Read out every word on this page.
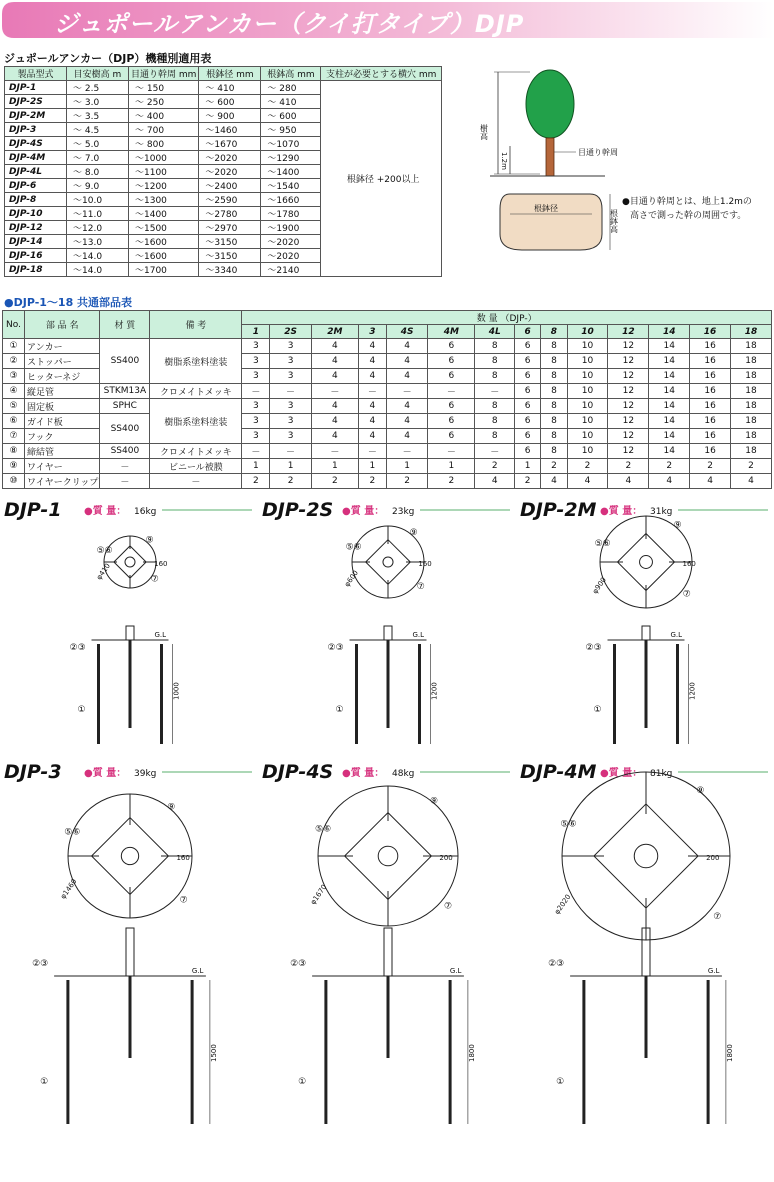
ジュポールアンカー（クイ打タイプ）DJP
ジュポールアンカー（DJP）機種別適用表
製品型式	目安樹高 m	目通り幹周 mm	根鉢径 mm	根鉢高 mm	支柱が必要とする横穴 mm
DJP-1	～ 2.5	～ 150	～ 410	～ 280	根鉢径 +200以上
DJP-2S	～ 3.0	～ 250	～ 600	～ 410	
DJP-2M	～ 3.5	～ 400	～ 900	～ 600	
DJP-3	～ 4.5	～ 700	～1460	～ 950	
DJP-4S	～ 5.0	～ 800	～1670	～1070	
DJP-4M	～ 7.0	～1000	～2020	～1290	
DJP-4L	～ 8.0	～1100	～2020	～1400	
DJP-6	～ 9.0	～1200	～2400	～1540	
DJP-8	～10.0	～1300	～2590	～1660	
DJP-10	～11.0	～1400	～2780	～1780	
DJP-12	～12.0	～1500	～2970	～1900	
DJP-14	～13.0	～1600	～3150	～2020	
DJP-16	～14.0	～1600	～3150	～2020	
DJP-18	～14.0	～1700	～3340	～2140	
樹高
1.2m	目通り幹周
根鉢径
根鉢高
●目通り幹周とは、地上1.2mの
高さで測った幹の周囲です。
●DJP-1～18 共通部品表
No.	部 品 名	材 質	備 考	数 量 （DJP-）													
				1	2S	2M	3	4S	4M	4L	6	8	10	12	14	16	18
①	アンカー	SS400	樹脂系塗料塗装	3	3	4	4	4	6	8	6	8	10	12	14	16	18
②	ストッパー			3	3	4	4	4	6	8	6	8	10	12	14	16	18
③	ヒッターネジ			3	3	4	4	4	6	8	6	8	10	12	14	16	18
④	縦足管	STKM13A	クロメイトメッキ	－	－	－	－	－	－	－	6	8	10	12	14	16	18
⑤	固定板	SPHC	樹脂系塗料塗装	3	3	4	4	4	6	8	6	8	10	12	14	16	18
⑥	ガイド板	SS400		3	3	4	4	4	6	8	6	8	10	12	14	16	18
⑦	フック			3	3	4	4	4	6	8	6	8	10	12	14	16	18
⑧	締結管	SS400	クロメイトメッキ	－	－	－	－	－	－	－	6	8	10	12	14	16	18
⑨	ワイヤー	－	ビニール被膜	1	1	1	1	1	1	2	1	2	2	2	2	2	2
⑩	ワイヤークリップ	－	－	2	2	2	2	2	2	4	2	4	4	4	4	4	4
DJP-1 ●質 量： 16kg
φ410	160
⑨
⑦
⑤⑥
G.L
1000
②③
①
DJP-2S ●質 量： 23kg
φ600
160
⑨
⑦
⑤⑥
G.L
1200
②③
①
DJP-2M ●質 量： 31kg
φ900
160
⑨
⑦
⑤⑥
G.L
1200
②③
①
DJP-3 ●質 量： 39kg
φ1460
160
⑨
⑦
⑤⑥
G.L
1500
②③
①
DJP-4S ●質 量： 48kg
φ1670
200
⑨
⑦
⑤⑥
G.L
1800
②③
①
DJP-4M ●質 量： 81kg
φ2020
200
⑨
⑦
⑤⑥
G.L
1800
②③
①
